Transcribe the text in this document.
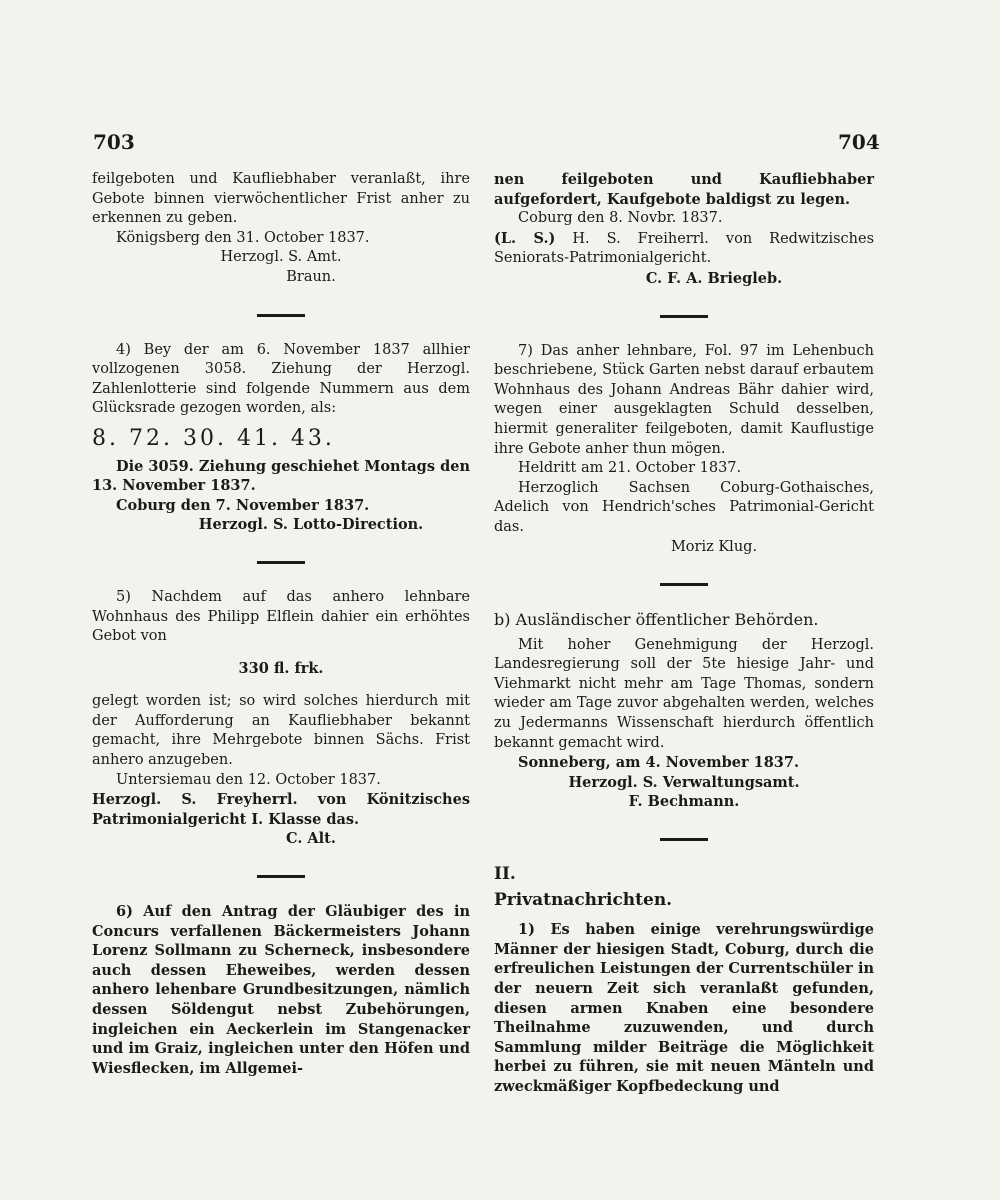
703	704

feilgeboten und Kaufliebhaber veranlaßt, ihre Gebote binnen vierwöchentlicher Frist anher zu erkennen zu geben.

Königsberg den 31. October 1837.

Herzogl. S. Amt.

Braun.

4) Bey der am 6. November 1837 allhier vollzogenen 3058. Ziehung der Herzogl. Zahlenlotterie sind folgende Nummern aus dem Glücksrade gezogen worden, als:

8. 72. 30. 41. 43.

Die 3059. Ziehung geschiehet Montags den 13. November 1837.

Coburg den 7. November 1837.

Herzogl. S. Lotto-Direction.

5) Nachdem auf das anhero lehnbare Wohnhaus des Philipp Elflein dahier ein erhöhtes Gebot von

330 fl. frk.

gelegt worden ist; so wird solches hierdurch mit der Aufforderung an Kaufliebhaber bekannt gemacht, ihre Mehrgebote binnen Sächs. Frist anhero anzugeben.

Untersiemau den 12. October 1837.

Herzogl. S. Freyherrl. von Könitzisches Patrimonialgericht I. Klasse das.

C. Alt.

6) Auf den Antrag der Gläubiger des in Concurs verfallenen Bäckermeisters Johann Lorenz Sollmann zu Scherneck, insbesondere auch dessen Eheweibes, werden dessen anhero lehenbare Grundbesitzungen, nämlich dessen Söldengut nebst Zubehörungen, ingleichen ein Aeckerlein im Stangenacker und im Graiz, ingleichen unter den Höfen und Wiesflecken, im Allgemei-

nen feilgeboten und Kaufliebhaber aufgefordert, Kaufgebote baldigst zu legen.

Coburg den 8. Novbr. 1837.

(L. S.) H. S. Freiherrl. von Redwitzisches Seniorats-Patrimonialgericht.

C. F. A. Briegleb.

7) Das anher lehnbare, Fol. 97 im Lehenbuch beschriebene, Stück Garten nebst darauf erbautem Wohnhaus des Johann Andreas Bähr dahier wird, wegen einer ausgeklagten Schuld desselben, hiermit generaliter feilgeboten, damit Kauflustige ihre Gebote anher thun mögen.

Heldritt am 21. October 1837.

Herzoglich Sachsen Coburg-Gothaisches, Adelich von Hendrich'sches Patrimonial-Gericht das.

Moriz Klug.

b) Ausländischer öffentlicher Behörden.

Mit hoher Genehmigung der Herzogl. Landesregierung soll der 5te hiesige Jahr- und Viehmarkt nicht mehr am Tage Thomas, sondern wieder am Tage zuvor abgehalten werden, welches zu Jedermanns Wissenschaft hierdurch öffentlich bekannt gemacht wird.

Sonneberg, am 4. November 1837.

Herzogl. S. Verwaltungsamt.

F. Bechmann.

II.

Privatnachrichten.

1) Es haben einige verehrungswürdige Männer der hiesigen Stadt, Coburg, durch die erfreulichen Leistungen der Currentschüler in der neuern Zeit sich veranlaßt gefunden, diesen armen Knaben eine besondere Theilnahme zuzuwenden, und durch Sammlung milder Beiträge die Möglichkeit herbei zu führen, sie mit neuen Mänteln und zweckmäßiger Kopfbedeckung und
